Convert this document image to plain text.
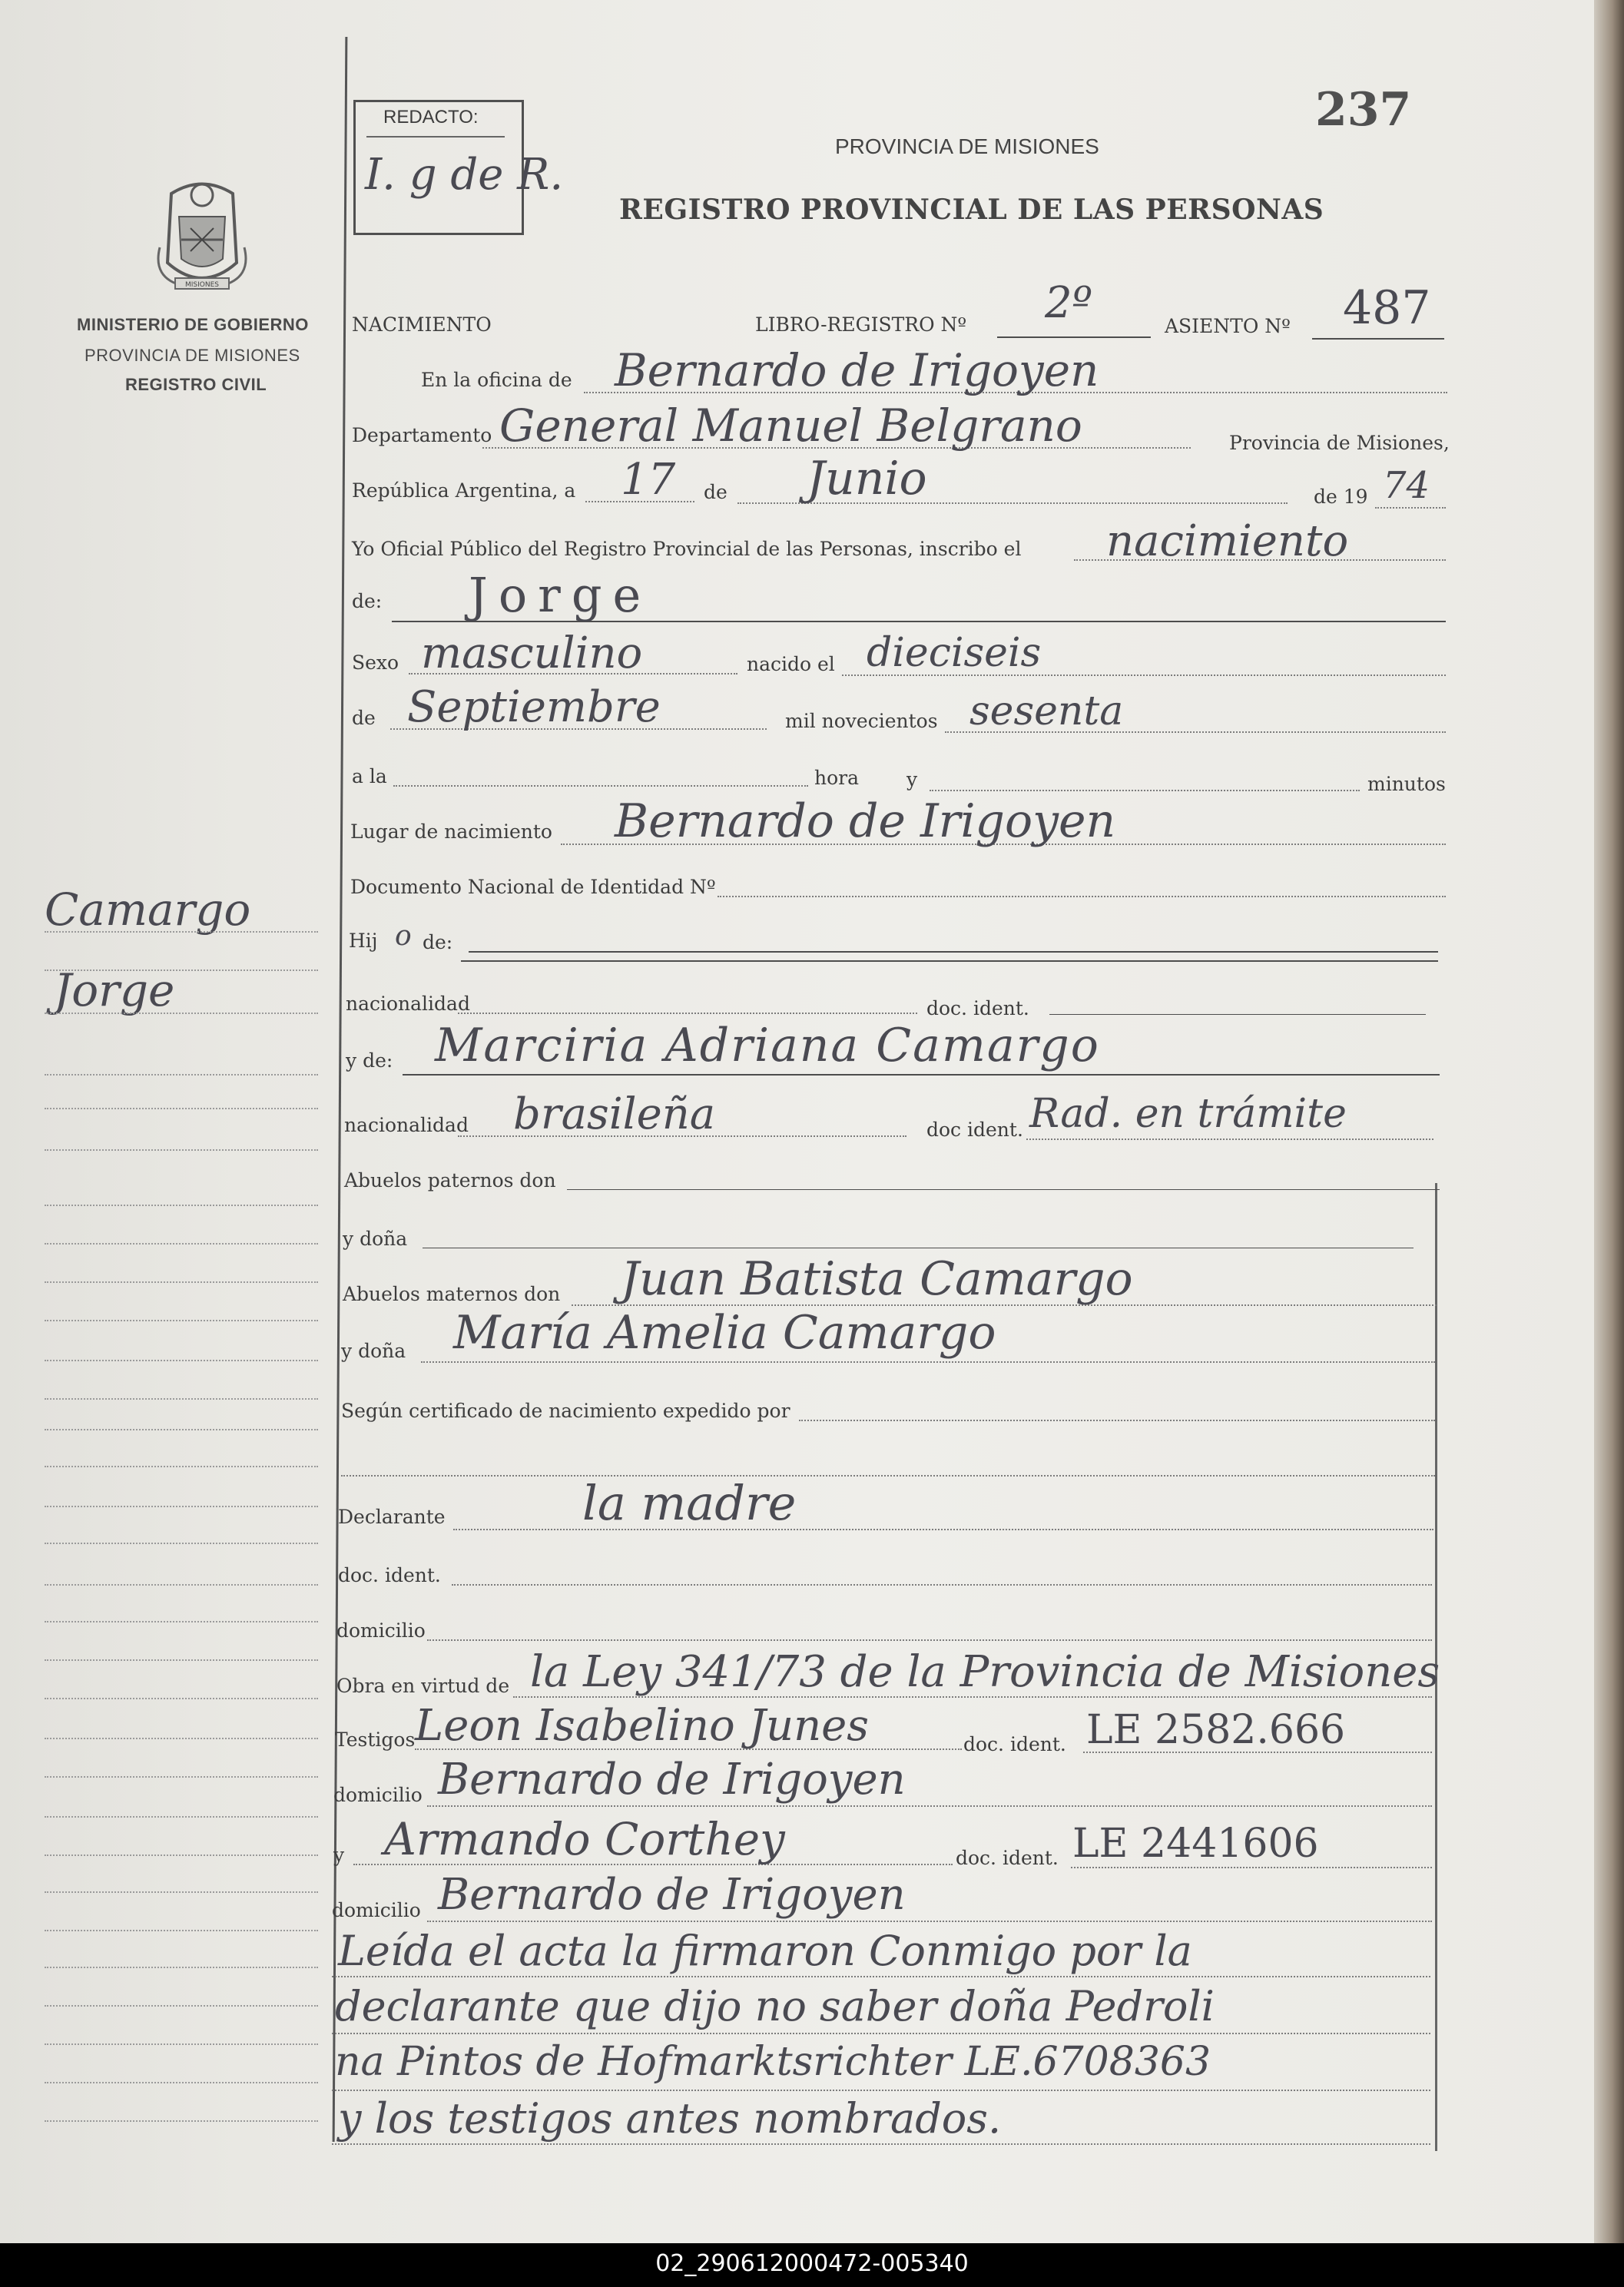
MISIONES
MINISTERIO DE GOBIERNO
PROVINCIA DE MISIONES
REGISTRO CIVIL
Camargo
Jorge
REDACTO:
I. g de R.
237
PROVINCIA DE MISIONES
REGISTRO PROVINCIAL DE LAS PERSONAS
NACIMIENTO	LIBRO-REGISTRO Nº 2º	ASIENTO Nº 487
En la oficina de Bernardo de Irigoyen
Departamento General Manuel Belgrano	Provincia de Misiones,
República Argentina, a 17 de Junio	de 19 74
Yo Oficial Público del Registro Provincial de las Personas, inscribo el nacimiento
de: Jorge
Sexo masculino	nacido el dieciseis
de Septiembre	mil novecientos sesenta
a la	hora y	minutos
Lugar de nacimiento Bernardo de Irigoyen
Documento Nacional de Identidad Nº
Hij o de:
nacionalidad	doc. ident.
y de: Marciria Adriana Camargo
nacionalidad brasileña	doc ident. Rad. en trámite
Abuelos paternos don
y doña
Abuelos maternos don Juan Batista Camargo
y doña María Amelia Camargo
Según certificado de nacimiento expedido por
Declarante	la madre
doc. ident.
domicilio
Obra en virtud de la Ley 341/73 de la Provincia de Misiones
Testigos Leon Isabelino Junes	doc. ident. LE 2582.666
domicilio Bernardo de Irigoyen
y Armando Corthey	doc. ident. LE 2441606
domicilio Bernardo de Irigoyen
Leída el acta la firmaron Conmigo por la
declarante que dijo no saber doña Pedroli
na Pintos de Hofmarktsrichter LE.6708363
y los testigos antes nombrados.
02_290612000472-005340
